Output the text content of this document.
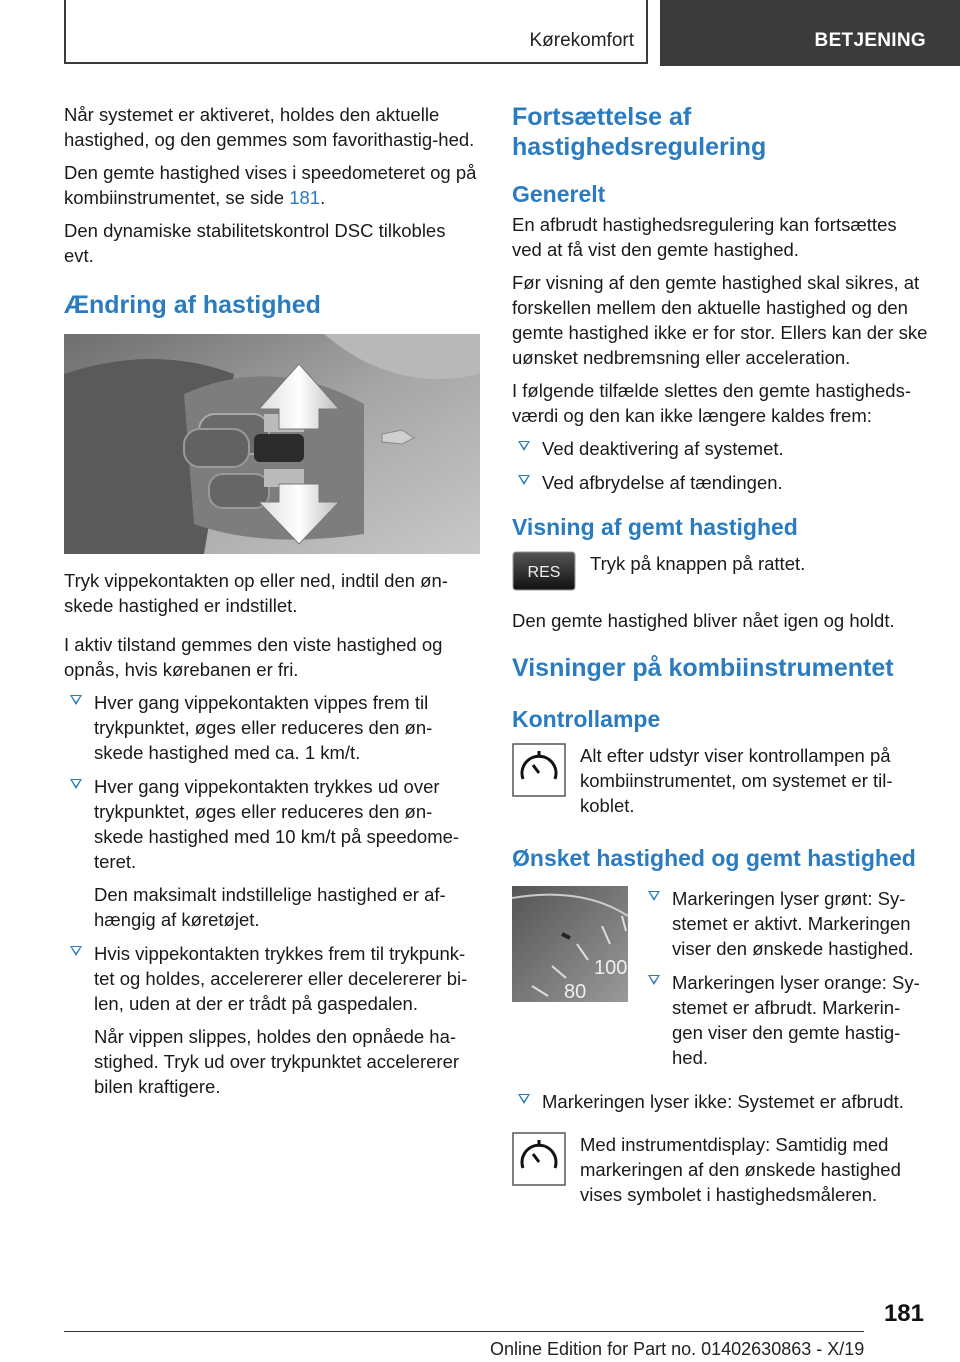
Kørekomfort	BETJENING

Når systemet er aktiveret, holdes den aktuelle hastighed, og den gemmes som favorithastig-hed.

Den gemte hastighed vises i speedometeret og på kombiinstrumentet, se side 181.

Den dynamiske stabilitetskontrol DSC tilkobles evt.

Ændring af hastighed

Tryk vippekontakten op eller ned, indtil den øn-skede hastighed er indstillet.

I aktiv tilstand gemmes den viste hastighed og opnås, hvis kørebanen er fri.

Hver gang vippekontakten vippes frem til trykpunktet, øges eller reduceres den øn-skede hastighed med ca. 1 km/t.
Hver gang vippekontakten trykkes ud over trykpunktet, øges eller reduceres den øn-skede hastighed med 10 km/t på speedome-teret.

Den maksimalt indstillelige hastighed er af-hængig af køretøjet.

Hvis vippekontakten trykkes frem til trykpunk-tet og holdes, accelererer eller decelererer bi-len, uden at der er trådt på gaspedalen.

Når vippen slippes, holdes den opnåede ha-stighed. Tryk ud over trykpunktet accelererer bilen kraftigere.

Fortsættelse af hastighedsregulering
Generelt

En afbrudt hastighedsregulering kan fortsættes ved at få vist den gemte hastighed.

Før visning af den gemte hastighed skal sikres, at forskellen mellem den aktuelle hastighed og den gemte hastighed ikke er for stor. Ellers kan der ske uønsket nedbremsning eller acceleration.

I følgende tilfælde slettes den gemte hastigheds-værdi og den kan ikke længere kaldes frem:

Ved deaktivering af systemet.
Ved afbrydelse af tændingen.
Visning af gemt hastighed
RES Tryk på knappen på rattet.

Den gemte hastighed bliver nået igen og holdt.

Visninger på kombiinstrumentet
Kontrollampe

Alt efter udstyr viser kontrollampen på kombiinstrumentet, om systemet er til-koblet.

Ønsket hastighed og gemt hastighed
100
80
Markeringen lyser grønt: Sy-stemet er aktivt. Markeringen viser den ønskede hastighed.
Markeringen lyser orange: Sy-stemet er afbrudt. Markerin-gen viser den gemte hastig-hed.
Markeringen lyser ikke: Systemet er afbrudt.

Med instrumentdisplay: Samtidig med markeringen af den ønskede hastighed vises symbolet i hastighedsmåleren.

181
Online Edition for Part no. 01402630863 - X/19
